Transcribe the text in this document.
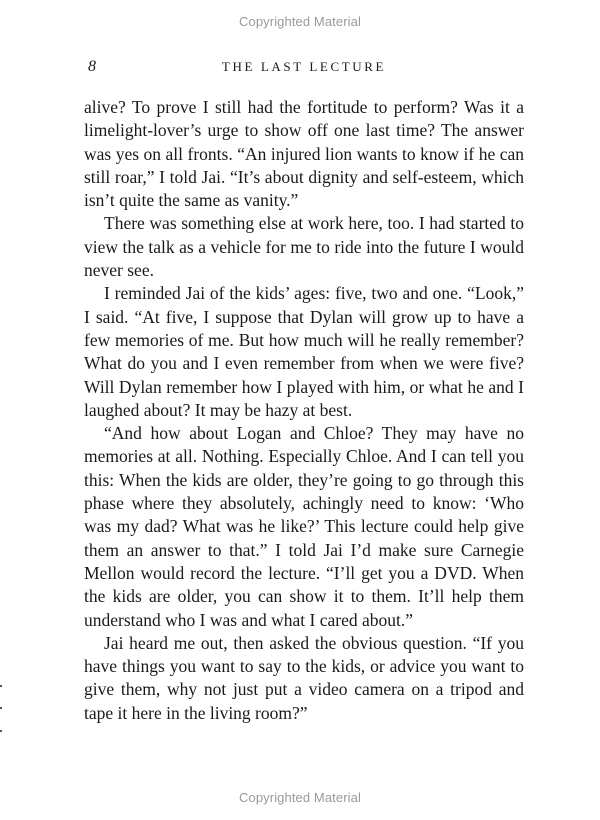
Copyrighted Material
8	THE LAST LECTURE

alive? To prove I still had the fortitude to perform? Was it a limelight-lover’s urge to show off one last time? The answer was yes on all fronts. “An injured lion wants to know if he can still roar,” I told Jai. “It’s about dignity and self-esteem, which isn’t quite the same as vanity.”

There was something else at work here, too. I had started to view the talk as a vehicle for me to ride into the future I would never see.

I reminded Jai of the kids’ ages: five, two and one. “Look,” I said. “At five, I suppose that Dylan will grow up to have a few memories of me. But how much will he really remember? What do you and I even remember from when we were five? Will Dylan remember how I played with him, or what he and I laughed about? It may be hazy at best.

“And how about Logan and Chloe? They may have no memories at all. Nothing. Especially Chloe. And I can tell you this: When the kids are older, they’re going to go through this phase where they absolutely, achingly need to know: ‘Who was my dad? What was he like?’ This lecture could help give them an answer to that.” I told Jai I’d make sure Carnegie Mellon would record the lecture. “I’ll get you a DVD. When the kids are older, you can show it to them. It’ll help them understand who I was and what I cared about.”

Jai heard me out, then asked the obvious question. “If you have things you want to say to the kids, or advice you want to give them, why not just put a video camera on a tripod and tape it here in the living room?”

Copyrighted Material
